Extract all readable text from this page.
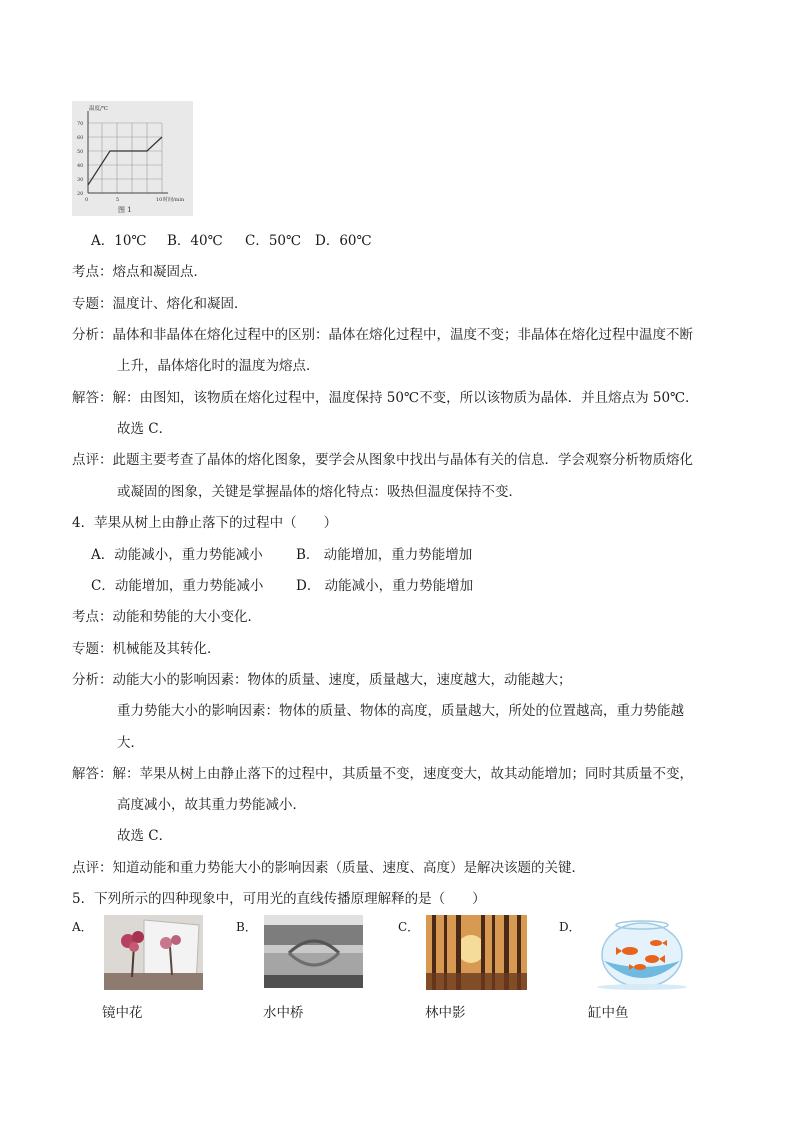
温度/℃
70
60
50
40
30
20
0	5	10 时间/min
图 1
A．10℃ B．40℃ C．50℃ D．60℃
考点：熔点和凝固点．
专题：温度计、熔化和凝固．
分析：晶体和非晶体在熔化过程中的区别：晶体在熔化过程中，温度不变；非晶体在熔化过程中温度不断
上升，晶体熔化时的温度为熔点．
解答：解：由图知，该物质在熔化过程中，温度保持 50℃不变，所以该物质为晶体．并且熔点为 50℃．
故选 C．
点评：此题主要考查了晶体的熔化图象，要学会从图象中找出与晶体有关的信息．学会观察分析物质熔化
或凝固的图象，关键是掌握晶体的熔化特点：吸热但温度保持不变．
4．苹果从树上由静止落下的过程中（　　）
A．动能减小，重力势能减小 B． 动能增加，重力势能增加
C．动能增加，重力势能减小 D． 动能减小，重力势能增加
考点：动能和势能的大小变化．
专题：机械能及其转化．
分析：动能大小的影响因素：物体的质量、速度，质量越大，速度越大，动能越大；
重力势能大小的影响因素：物体的质量、物体的高度，质量越大，所处的位置越高，重力势能越
大．
解答：解：苹果从树上由静止落下的过程中，其质量不变，速度变大，故其动能增加；同时其质量不变，
高度减小，故其重力势能减小．
故选 C．
点评：知道动能和重力势能大小的影响因素（质量、速度、高度）是解决该题的关键．
5．下列所示的四种现象中，可用光的直线传播原理解释的是（　　）
A．
镜中花
B．
水中桥
C．
林中影
D．
缸中鱼
